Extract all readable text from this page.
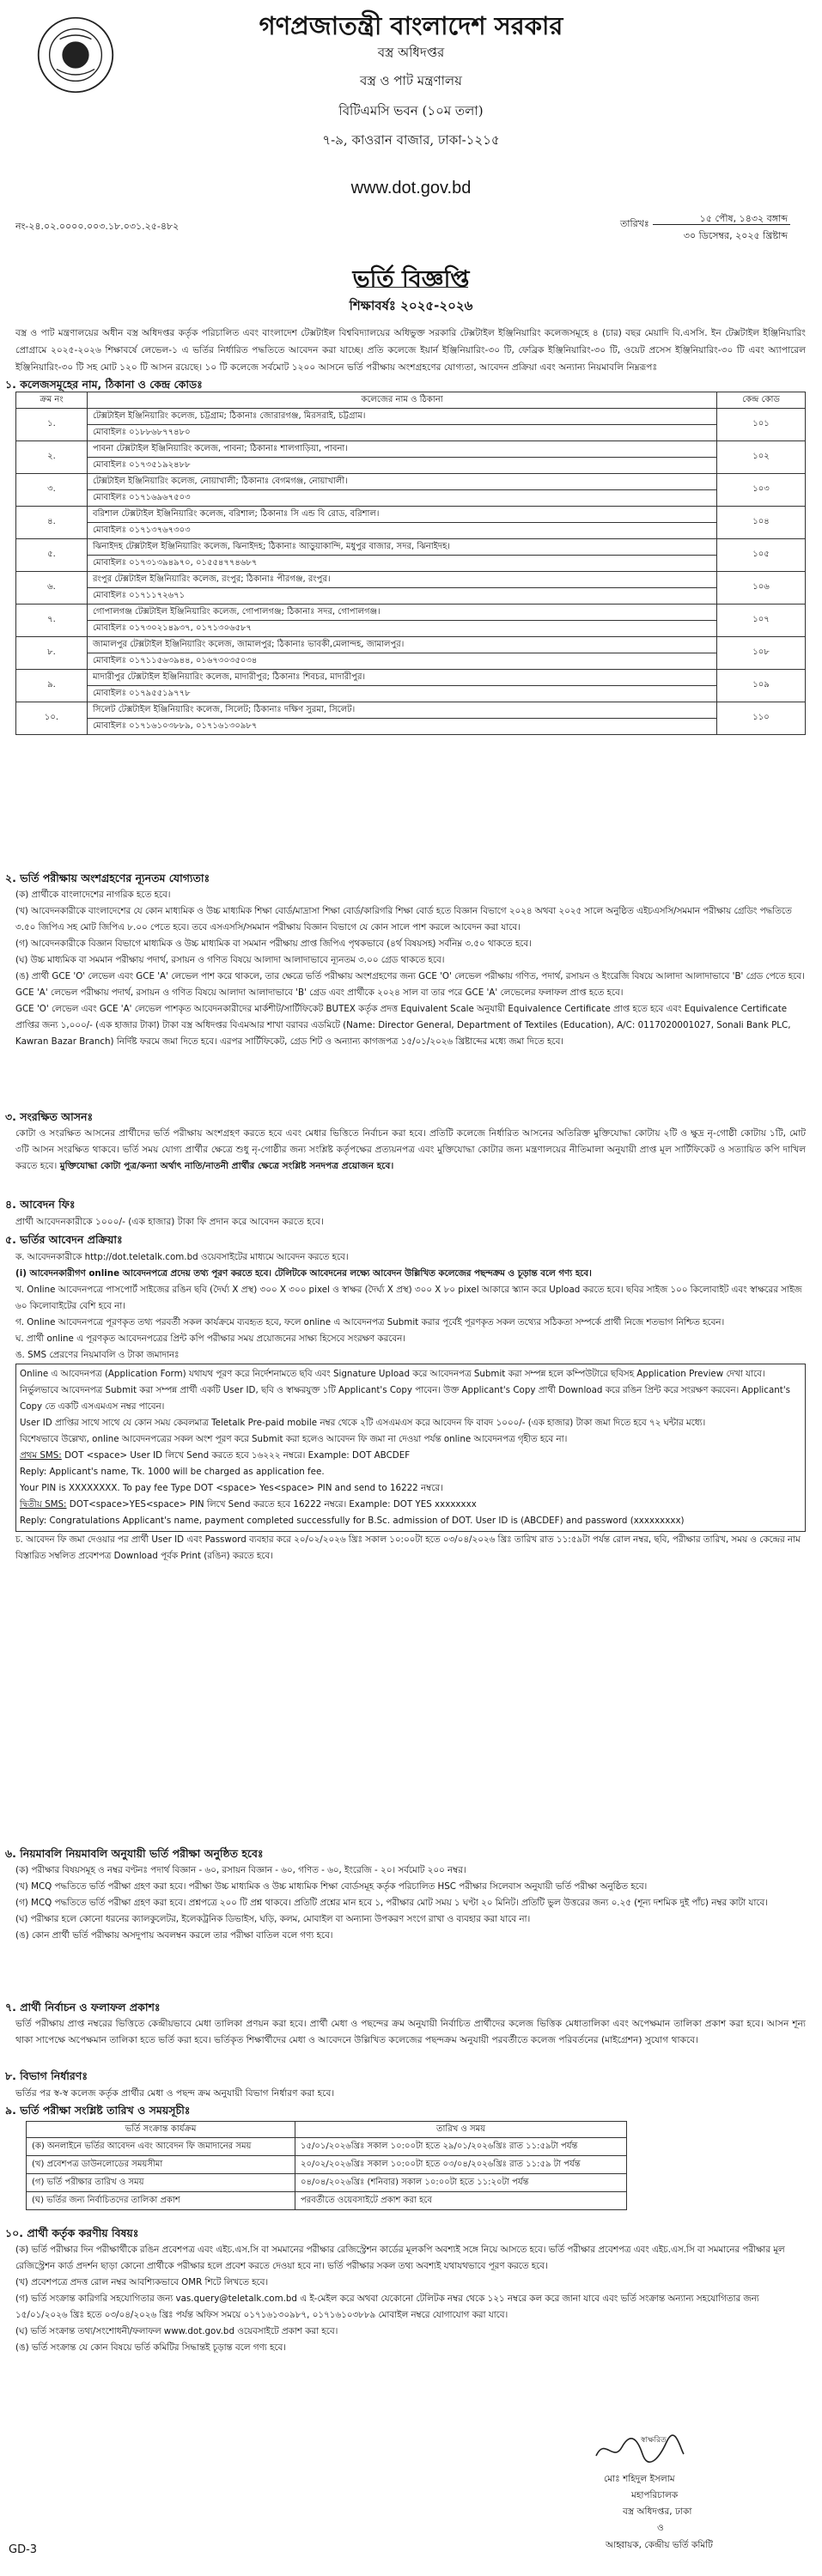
গণপ্রজাতন্ত্রী বাংলাদেশ সরকার
বস্ত্র অধিদপ্তর
বস্ত্র ও পাট মন্ত্রণালয়
বিটিএমসি ভবন (১০ম তলা)
৭-৯, কাওরান বাজার, ঢাকা-১২১৫
www.dot.gov.bd
নং-২৪.০২.০০০০.০০৩.১৮.০৩১.২৫-৪৮২	তারিখঃ	১৫ পৌষ, ১৪৩২ বঙ্গাব্দ
৩০ ডিসেম্বর, ২০২৫ খ্রিষ্টাব্দ
ভর্তি বিজ্ঞপ্তি
শিক্ষাবর্ষঃ ২০২৫-২০২৬
বস্ত্র ও পাট মন্ত্রণালয়ের অধীন বস্ত্র অধিদপ্তর কর্তৃক পরিচালিত এবং বাংলাদেশ টেক্সটাইল বিশ্ববিদ্যালয়ের অধিভুক্ত সরকারি টেক্সটাইল ইঞ্জিনিয়ারিং কলেজসমূহে ৪ (চার) বছর মেয়াদি বি.এসসি. ইন টেক্সটাইল ইঞ্জিনিয়ারিং প্রোগ্রামে ২০২৫-২০২৬ শিক্ষাবর্ষে লেভেল-১ এ ভর্তির নির্ধারিত পদ্ধতিতে আবেদন করা যাচ্ছে। প্রতি কলেজে ইয়ার্ন ইঞ্জিনিয়ারিং-৩০ টি, ফেব্রিক ইঞ্জিনিয়ারিং-৩০ টি, ওয়েট প্রসেস ইঞ্জিনিয়ারিং-৩০ টি এবং অ্যাপারেল ইঞ্জিনিয়ারিং-৩০ টি সহ মোট ১২০ টি আসন রয়েছে। ১০ টি কলেজে সর্বমোট ১২০০ আসনে ভর্তি পরীক্ষায় অংশগ্রহণের যোগ্যতা, আবেদন প্রক্রিয়া এবং অন্যান্য নিয়মাবলি নিম্নরূপঃ
১. কলেজসমূহের নাম, ঠিকানা ও কেন্দ্র কোডঃ
ক্রম নং	কলেজের নাম ও ঠিকানা	কেন্দ্র কোড
১.	টেক্সটাইল ইঞ্জিনিয়ারিং কলেজ, চট্টগ্রাম; ঠিকানাঃ জোরারগঞ্জ, মিরসরাই, চট্টগ্রাম।	১০১
	মোবাইলঃ ০১৮৮৬৮৭৭৪৮০	
২.	পাবনা টেক্সটাইল ইঞ্জিনিয়ারিং কলেজ, পাবনা; ঠিকানাঃ শালগাড়িয়া, পাবনা।	১০২
	মোবাইলঃ ০১৭৩৫১৯২৪৮৮	
৩.	টেক্সটাইল ইঞ্জিনিয়ারিং কলেজ, নোয়াখালী; ঠিকানাঃ বেগমগঞ্জ, নোয়াখালী।	১০৩
	মোবাইলঃ ০১৭১৬৯৬৭৫০৩	
৪.	বরিশাল টেক্সটাইল ইঞ্জিনিয়ারিং কলেজ, বরিশাল; ঠিকানাঃ সি এন্ড বি রোড, বরিশাল।	১০৪
	মোবাইলঃ ০১৭১৩৭৬৭৩০৩	
৫.	ঝিনাইদহ টেক্সটাইল ইঞ্জিনিয়ারিং কলেজ, ঝিনাইদহ; ঠিকানাঃ আড়ুয়াকান্দি, মধুপুর বাজার, সদর, ঝিনাইদহ।	১০৫
	মোবাইলঃ ০১৭৩১৩৯৪৯৭০, ০১৫৫৪৭৭৪৬৮৭	
৬.	রংপুর টেক্সটাইল ইঞ্জিনিয়ারিং কলেজ, রংপুর; ঠিকানাঃ পীরগঞ্জ, রংপুর।	১০৬
	মোবাইলঃ ০১৭১১৭২৬৭১	
৭.	গোপালগঞ্জ টেক্সটাইল ইঞ্জিনিয়ারিং কলেজ, গোপালগঞ্জ; ঠিকানাঃ সদর, গোপালগঞ্জ।	১০৭
	মোবাইলঃ ০১৭৩০২১৪৯৩৭, ০১৭১৩০৬৫৮৭	
৮.	জামালপুর টেক্সটাইল ইঞ্জিনিয়ারিং কলেজ, জামালপুর; ঠিকানাঃ ভাবকী,মেলান্দহ, জামালপুর।	১০৮
	মোবাইলঃ ০১৭১১৫৬৩৯৪৪, ০১৬৭৩০৩৫০৩৪	
৯.	মাদারীপুর টেক্সটাইল ইঞ্জিনিয়ারিং কলেজ, মাদারীপুর; ঠিকানাঃ শিবচর, মাদারীপুর।	১০৯
	মোবাইলঃ ০১৭৯৫৫১৯৭৭৮	
১০.	সিলেট টেক্সটাইল ইঞ্জিনিয়ারিং কলেজ, সিলেট; ঠিকানাঃ দক্ষিণ সুরমা, সিলেট।	১১০
	মোবাইলঃ ০১৭১৬১০৩৮৮৯, ০১৭১৬১৩০৯৮৭	
২. ভর্তি পরীক্ষায় অংশগ্রহণের ন্যূনতম যোগ্যতাঃ
(ক) প্রার্থীকে বাংলাদেশের নাগরিক হতে হবে।
(খ) আবেদনকারীকে বাংলাদেশের যে কোন মাধ্যমিক ও উচ্চ মাধ্যমিক শিক্ষা বোর্ড/মাদ্রাসা শিক্ষা বোর্ড/কারিগরি শিক্ষা বোর্ড হতে বিজ্ঞান বিভাগে ২০২৪ অথবা ২০২৫ সালে অনুষ্ঠিত এইচএসসি/সমমান পরীক্ষায় গ্রেডিং পদ্ধতিতে ৩.৫০ জিপিএ সহ মোট জিপিএ ৮.০০ পেতে হবে। তবে এসএসসি/সমমান পরীক্ষায় বিজ্ঞান বিভাগে যে কোন সালে পাশ করলে আবেদন করা যাবে।
(গ) আবেদনকারীকে বিজ্ঞান বিভাগে মাধ্যমিক ও উচ্চ মাধ্যমিক বা সমমান পরীক্ষায় প্রাপ্ত জিপিএ পৃথকভাবে (৪র্থ বিষয়সহ) সর্বনিম্ন ৩.৫০ থাকতে হবে।
(ঘ) উচ্চ মাধ্যমিক বা সমমান পরীক্ষায় পদার্থ, রসায়ন ও গণিত বিষয়ে আলাদা আলাদাভাবে ন্যূনতম ৩.০০ গ্রেড থাকতে হবে।
(ঙ) প্রার্থী GCE 'O' লেভেল এবং GCE 'A' লেভেল পাশ করে থাকলে, তার ক্ষেত্রে ভর্তি পরীক্ষায় অংশগ্রহণের জন্য GCE 'O' লেভেল পরীক্ষায় গণিত, পদার্থ, রসায়ন ও ইংরেজি বিষয়ে আলাদা আলাদাভাবে 'B' গ্রেড পেতে হবে। GCE 'A' লেভেল পরীক্ষায় পদার্থ, রসায়ন ও গণিত বিষয়ে আলাদা আলাদাভাবে 'B' গ্রেড এবং প্রার্থীকে ২০২৪ সাল বা তার পরে GCE 'A' লেভেলের ফলাফল প্রাপ্ত হতে হবে।
GCE 'O' লেভেল এবং GCE 'A' লেভেল পাশকৃত আবেদনকারীদের মার্কশীট/সার্টিফিকেট BUTEX কর্তৃক প্রদত্ত Equivalent Scale অনুযায়ী Equivalence Certificate প্রাপ্ত হতে হবে এবং Equivalence Certificate প্রাপ্তির জন্য ১,০০০/- (এক হাজার টাকা) টাকা বস্ত্র অধিদপ্তর বিএমআর শাখা বরাবর এডমিটে (Name: Director General, Department of Textiles (Education), A/C: 0117020001027, Sonali Bank PLC, Kawran Bazar Branch) নির্দিষ্ট ফরমে জমা দিতে হবে। এরপর সার্টিফিকেট, গ্রেড শিট ও অন্যান্য কাগজপত্র ১৫/০১/২০২৬ খ্রিষ্টাব্দের মধ্যে জমা দিতে হবে।
৩. সংরক্ষিত আসনঃ
কোটা ও সংরক্ষিত আসনের প্রার্থীদের ভর্তি পরীক্ষায় অংশগ্রহণ করতে হবে এবং মেধার ভিত্তিতে নির্বাচন করা হবে। প্রতিটি কলেজে নির্ধারিত আসনের অতিরিক্ত মুক্তিযোদ্ধা কোটায় ২টি ও ক্ষুদ্র নৃ-গোষ্ঠী কোটায় ১টি, মোট ৩টি আসন সংরক্ষিত থাকবে। ভর্তি সময় যোগ্য প্রার্থীর ক্ষেত্রে শুধু নৃ-গোষ্ঠীর জন্য সংশ্লিষ্ট কর্তৃপক্ষের প্রত্যয়নপত্র এবং মুক্তিযোদ্ধা কোটার জন্য মন্ত্রণালয়ের নীতিমালা অনুযায়ী প্রাপ্ত মূল সার্টিফিকেট ও সত্যায়িত কপি দাখিল করতে হবে। মুক্তিযোদ্ধা কোটা পুত্র/কন্যা অর্থাৎ নাতি/নাতনী প্রার্থীর ক্ষেত্রে সংশ্লিষ্ট সনদপত্র প্রয়োজন হবে।
৪. আবেদন ফিঃ
প্রার্থী আবেদনকারীকে ১০০০/- (এক হাজার) টাকা ফি প্রদান করে আবেদন করতে হবে।
৫. ভর্তির আবেদন প্রক্রিয়াঃ
ক. আবেদনকারীকে http://dot.teletalk.com.bd ওয়েবসাইটের মাধ্যমে আবেদন করতে হবে।
(i) আবেদনকারীগণ online আবেদনপত্রে প্রদেয় তথ্য পূরণ করতে হবে। টেলিটকে আবেদনের লক্ষ্যে আবেদন উল্লিখিত কলেজের পছন্দক্রম ও চূড়ান্ত বলে গণ্য হবে।
খ. Online আবেদনপত্রে পাসপোর্ট সাইজের রঙিন ছবি (দৈর্ঘ্য X প্রস্থ) ৩০০ X ৩০০ pixel ও স্বাক্ষর (দৈর্ঘ্য X প্রস্থ) ৩০০ X ৮০ pixel আকারে স্ক্যান করে Upload করতে হবে। ছবির সাইজ ১০০ কিলোবাইট এবং স্বাক্ষরের সাইজ ৬০ কিলোবাইটের বেশি হবে না।
গ. Online আবেদনপত্রে পূরণকৃত তথ্য পরবর্তী সকল কার্যক্রমে ব্যবহৃত হবে, ফলে online এ আবেদনপত্র Submit করার পূর্বেই পূরণকৃত সকল তথ্যের সঠিকতা সম্পর্কে প্রার্থী নিজে শতভাগ নিশ্চিত হবেন।
ঘ. প্রার্থী online এ পূরণকৃত আবেদনপত্রের প্রিন্ট কপি পরীক্ষার সময় প্রয়োজনের সাক্ষ্য হিসেবে সংরক্ষণ করবেন।
ঙ. SMS প্রেরণের নিয়মাবলি ও টাকা জমাদানঃ
Online এ আবেদনপত্র (Application Form) যথাযথ পূরণ করে নির্দেশনামতে ছবি এবং Signature Upload করে আবেদনপত্র Submit করা সম্পন্ন হলে কম্পিউটারে ছবিসহ Application Preview দেখা যাবে। নির্ভুলভাবে আবেদনপত্র Submit করা সম্পন্ন প্রার্থী একটি User ID, ছবি ও স্বাক্ষরযুক্ত ১টি Applicant's Copy পাবেন। উক্ত Applicant's Copy প্রার্থী Download করে রঙিন প্রিন্ট করে সংরক্ষণ করবেন। Applicant's Copy তে একটি এসএমএস নম্বর পাবেন।
User ID প্রাপ্তির সাথে সাথে যে কোন সময় কেবলমাত্র Teletalk Pre-paid mobile নম্বর থেকে ২টি এসএমএস করে আবেদন ফি বাবদ ১০০০/- (এক হাজার) টাকা জমা দিতে হবে ৭২ ঘন্টার মধ্যে।
বিশেষভাবে উল্লেখ্য, online আবেদনপত্রের সকল অংশ পূরণ করে Submit করা হলেও আবেদন ফি জমা না দেওয়া পর্যন্ত online আবেদনপত্র গৃহীত হবে না।
প্রথম SMS: DOT <space> User ID লিখে Send করতে হবে ১৬২২২ নম্বরে। Example: DOT ABCDEF
Reply: Applicant's name, Tk. 1000 will be charged as application fee.
Your PIN is XXXXXXXX. To pay fee Type DOT <space> Yes<space> PIN and send to 16222 নম্বরে।
দ্বিতীয় SMS: DOT<space>YES<space> PIN লিখে Send করতে হবে 16222 নম্বরে। Example: DOT YES xxxxxxxx
Reply: Congratulations Applicant's name, payment completed successfully for B.Sc. admission of DOT. User ID is (ABCDEF) and password (xxxxxxxxx)
চ. আবেদন ফি জমা দেওয়ার পর প্রার্থী User ID এবং Password ব্যবহার করে ২০/০২/২০২৬ খ্রিঃ সকাল ১০:০০টা হতে ০৩/০৪/২০২৬ খ্রিঃ তারিখ রাত ১১:৫৯টা পর্যন্ত রোল নম্বর, ছবি, পরীক্ষার তারিখ, সময় ও কেন্দ্রের নাম বিস্তারিত সম্বলিত প্রবেশপত্র Download পূর্বক Print (রঙিন) করতে হবে।
৬. নিয়মাবলি নিয়মাবলি অনুযায়ী ভর্তি পরীক্ষা অনুষ্ঠিত হবেঃ
(ক) পরীক্ষার বিষয়সমূহ ও নম্বর বণ্টনঃ পদার্থ বিজ্ঞান - ৬০, রসায়ন বিজ্ঞান - ৬০, গণিত - ৬০, ইংরেজি - ২০। সর্বমোট ২০০ নম্বর।
(খ) MCQ পদ্ধতিতে ভর্তি পরীক্ষা গ্রহণ করা হবে। পরীক্ষা উচ্চ মাধ্যমিক ও উচ্চ মাধ্যমিক শিক্ষা বোর্ডসমূহ কর্তৃক পরিচালিত HSC পরীক্ষার সিলেবাস অনুযায়ী ভর্তি পরীক্ষা অনুষ্ঠিত হবে।
(গ) MCQ পদ্ধতিতে ভর্তি পরীক্ষা গ্রহণ করা হবে। প্রশ্নপত্রে ২০০ টি প্রশ্ন থাকবে। প্রতিটি প্রশ্নের মান হবে ১, পরীক্ষার মোট সময় ১ ঘণ্টা ২০ মিনিট। প্রতিটি ভুল উত্তরের জন্য ০.২৫ (শূন্য দশমিক দুই পাঁচ) নম্বর কাটা যাবে।
(ঘ) পরীক্ষার হলে কোনো ধরনের ক্যালকুলেটর, ইলেকট্রনিক ডিভাইস, ঘড়ি, কলম, মোবাইল বা অন্যান্য উপকরণ সংগে রাখা ও ব্যবহার করা যাবে না।
(ঙ) কোন প্রার্থী ভর্তি পরীক্ষায় অসদুপায় অবলম্বন করলে তার পরীক্ষা বাতিল বলে গণ্য হবে।
৭. প্রার্থী নির্বাচন ও ফলাফল প্রকাশঃ
ভর্তি পরীক্ষায় প্রাপ্ত নম্বরের ভিত্তিতে কেন্দ্রীয়ভাবে মেধা তালিকা প্রণয়ন করা হবে। প্রার্থী মেধা ও পছন্দের ক্রম অনুযায়ী নির্বাচিত প্রার্থীদের কলেজ ভিত্তিক মেধাতালিকা এবং অপেক্ষমান তালিকা প্রকাশ করা হবে। আসন শূন্য থাকা সাপেক্ষে অপেক্ষমান তালিকা হতে ভর্তি করা হবে। ভর্তিকৃত শিক্ষার্থীদের মেধা ও আবেদনে উল্লিখিত কলেজের পছন্দক্রম অনুযায়ী পরবর্তীতে কলেজ পরিবর্তনের (মাইগ্রেশন) সুযোগ থাকবে।
৮. বিভাগ নির্ধারণঃ
ভর্তির পর স্ব-স্ব কলেজ কর্তৃক প্রার্থীর মেধা ও পছন্দ ক্রম অনুযায়ী বিভাগ নির্ধারণ করা হবে।
৯. ভর্তি পরীক্ষা সংশ্লিষ্ট তারিখ ও সময়সূচীঃ
ভর্তি সংক্রান্ত কার্যক্রম	তারিখ ও সময়
(ক) অনলাইনে ভর্তির আবেদন এবং আবেদন ফি জমাদানের সময়	১৫/০১/২০২৬খ্রিঃ সকাল ১০:০০টা হতে ২৯/০১/২০২৬খ্রিঃ রাত ১১:৫৯টা পর্যন্ত
(খ) প্রবেশপত্র ডাউনলোডের সময়সীমা	২০/০২/২০২৬খ্রিঃ সকাল ১০:০০টা হতে ০৩/০৪/২০২৬খ্রিঃ রাত ১১:৫৯ টা পর্যন্ত
(গ) ভর্তি পরীক্ষার তারিখ ও সময়	০৪/০৪/২০২৬খ্রিঃ (শনিবার) সকাল ১০:০০টা হতে ১১:২০টা পর্যন্ত
(ঘ) ভর্তির জন্য নির্বাচিতদের তালিকা প্রকাশ	পরবর্তীতে ওয়েবসাইটে প্রকাশ করা হবে
১০. প্রার্থী কর্তৃক করণীয় বিষয়ঃ
(ক) ভর্তি পরীক্ষার দিন পরীক্ষার্থীকে রঙিন প্রবেশপত্র এবং এইচ.এস.সি বা সমমানের পরীক্ষার রেজিস্ট্রেশন কার্ডের মূলকপি অবশ্যই সঙ্গে নিয়ে আসতে হবে। ভর্তি পরীক্ষার প্রবেশপত্র এবং এইচ.এস.সি বা সমমানের পরীক্ষার মূল রেজিস্ট্রেশন কার্ড প্রদর্শন ছাড়া কোনো প্রার্থীকে পরীক্ষার হলে প্রবেশ করতে দেওয়া হবে না। ভর্তি পরীক্ষার সকল তথ্য অবশ্যই যথাযথভাবে পূরণ করতে হবে।
(খ) প্রবেশপত্রে প্রদত্ত রোল নম্বর আবশ্যিকভাবে OMR শিটে লিখতে হবে।
(গ) ভর্তি সংক্রান্ত কারিগরি সহযোগিতার জন্য vas.query@teletalk.com.bd এ ই-মেইল করে অথবা যেকোনো টেলিটক নম্বর থেকে ১২১ নম্বরে কল করে জানা যাবে এবং ভর্তি সংক্রান্ত অন্যান্য সহযোগিতার জন্য ১৫/০১/২০২৬ খ্রিঃ হতে ০৩/০৪/২০২৬ খ্রিঃ পর্যন্ত অফিস সময়ে ০১৭১৬১৩০৯৮৭, ০১৭১৬১০৩৮৮৯ মোবাইল নম্বরে যোগাযোগ করা যাবে।
(ঘ) ভর্তি সংক্রান্ত তথ্য/সংশোধনী/ফলাফল www.dot.gov.bd ওয়েবসাইটে প্রকাশ করা হবে।
(ঙ) ভর্তি সংক্রান্ত যে কোন বিষয়ে ভর্তি কমিটির সিদ্ধান্তই চূড়ান্ত বলে গণ্য হবে।
স্বাক্ষরিত
মোঃ শহিদুল ইসলাম
মহাপরিচালক
বস্ত্র অধিদপ্তর, ঢাকা
ও
আহ্বায়ক, কেন্দ্রীয় ভর্তি কমিটি
GD-3
